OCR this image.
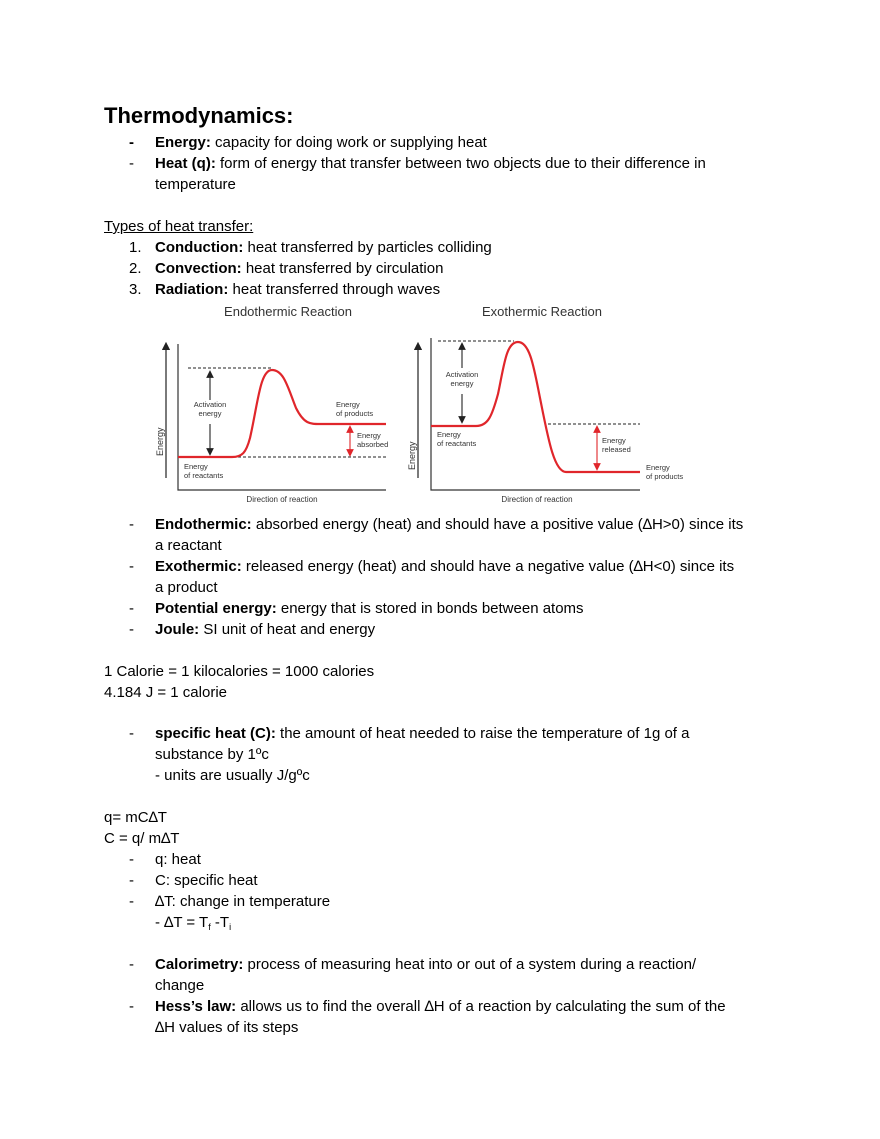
Thermodynamics:
- Energy: capacity for doing work or supplying heat
- Heat (q): form of energy that transfer between two objects due to their difference in
temperature
Types of heat transfer:
1. Conduction: heat transferred by particles colliding
2. Convection: heat transferred by circulation
3. Radiation: heat transferred through waves
Endothermic Reaction
Energy
Direction of reaction
Activation
energy
Energy
of products
Energy
absorbed
Energy
of reactants
Exothermic Reaction
Energy
Direction of reaction
Activation
energy
Energy
of reactants	Energy
released
Energy
of products
- Endothermic: absorbed energy (heat) and should have a positive value (∆H>0) since its
a reactant
- Exothermic: released energy (heat) and should have a negative value (∆H<0) since its
a product
- Potential energy: energy that is stored in bonds between atoms
- Joule: SI unit of heat and energy
1 Calorie = 1 kilocalories = 1000 calories
4.184 J = 1 calorie
- specific heat (C): the amount of heat needed to raise the temperature of 1g of a
substance by 1ºc
- units are usually J/gºc
q= mC∆T
C = q/ m∆T
- q: heat
- C: specific heat
- ∆T: change in temperature
- $\Delta T = T_f$ $-T_i$
- Calorimetry: process of measuring heat into or out of a system during a reaction/
change
- Hess’s law: allows us to find the overall ∆H of a reaction by calculating the sum of the
∆H values of its steps
